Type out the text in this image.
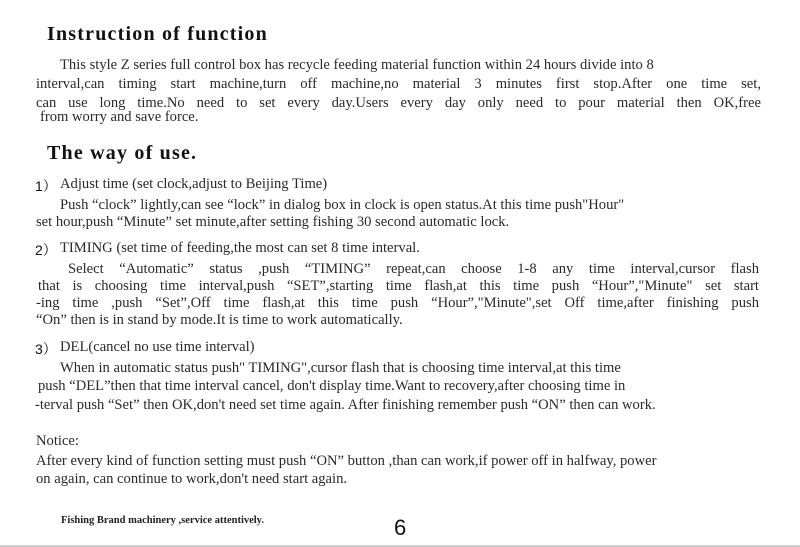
Instruction of function
This style Z series full control box has recycle feeding material function within 24 hours divide into 8
interval,can timing start machine,turn off machine,no material 3 minutes first stop.After one time set,
can use long time.No need to set every day.Users every day only need to pour material then OK,free
from worry and save force.
The way of use.
1） Adjust time (set clock,adjust to Beijing Time)
Push “clock” lightly,can see “lock” in dialog box in clock is open status.At this time push"Hour"
set hour,push “Minute” set minute,after setting fishing 30 second automatic lock.
2） TIMING (set time of feeding,the most can set 8 time interval.
Select “Automatic” status ,push “TIMING” repeat,can choose 1-8 any time interval,cursor flash
that is choosing time interval,push “SET”,starting time flash,at this time push “Hour”,"Minute" set start
-ing time ,push “Set”,Off time flash,at this time push “Hour”,"Minute",set Off time,after finishing push
“On” then is in stand by mode.It is time to work automatically.
3） DEL(cancel no use time interval)
When in automatic status push" TIMING",cursor flash that is choosing time interval,at this time
push “DEL”then that time interval cancel, don't display time.Want to recovery,after choosing time in
-terval push “Set” then OK,don't need set time again. After finishing remember push “ON” then can work.
Notice:
After every kind of function setting must push “ON” button ,than can work,if power off in halfway, power
on again, can continue to work,don't need start again.
Fishing Brand machinery ,service attentively.	6
